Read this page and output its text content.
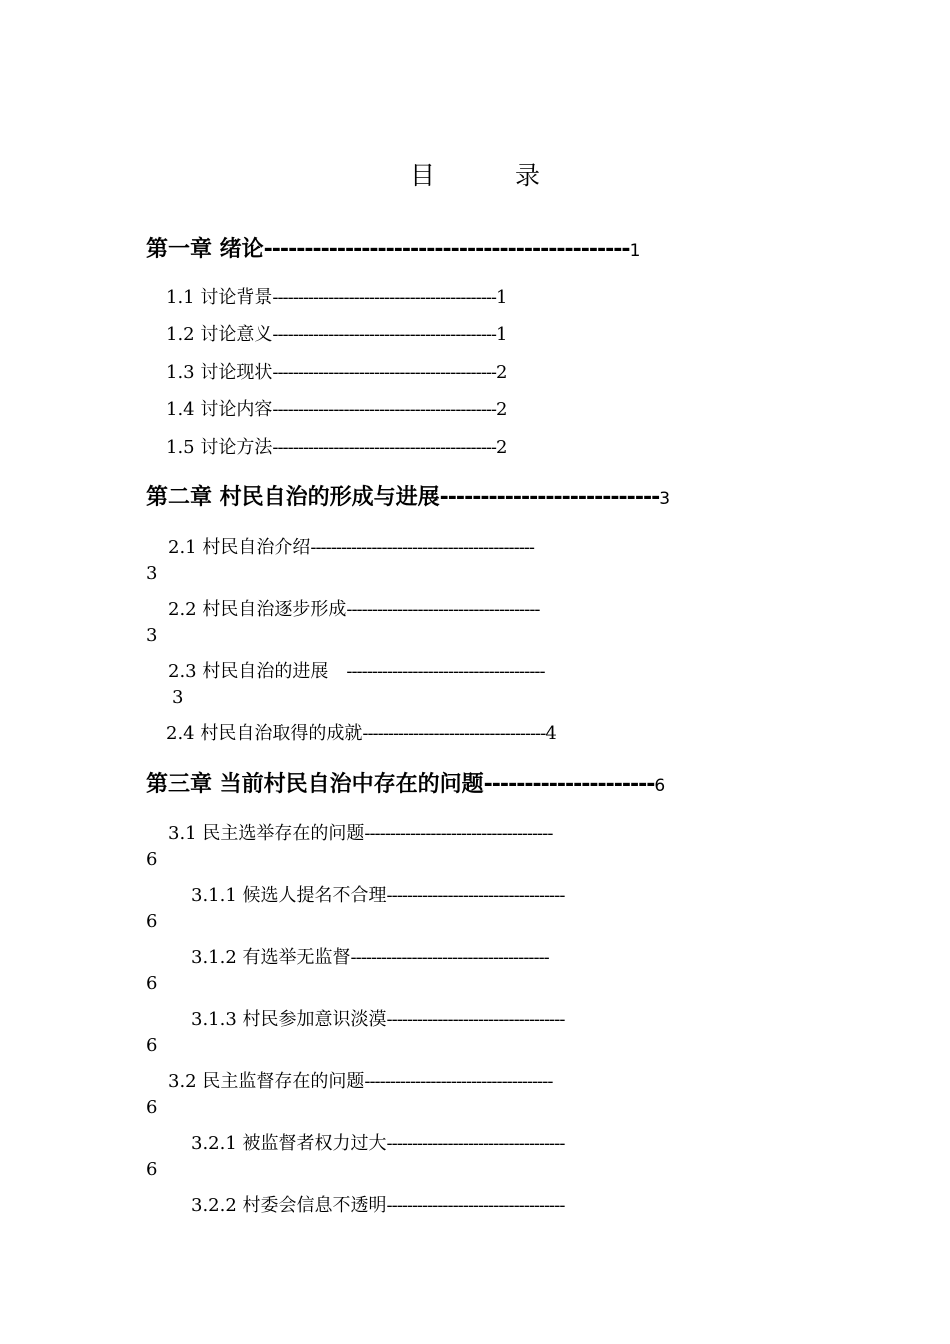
目 录
第一章 绪论---------------------------------------------1
1.1 讨论背景--------------------------------------------1
1.2 讨论意义--------------------------------------------1
1.3 讨论现状--------------------------------------------2
1.4 讨论内容--------------------------------------------2
1.5 讨论方法--------------------------------------------2
第二章 村民自治的形成与进展---------------------------3
2.1 村民自治介绍--------------------------------------------
3
2.2 村民自治逐步形成--------------------------------------
3
2.3 村民自治的进展 ---------------------------------------
3
2.4 村民自治取得的成就------------------------------------4
第三章 当前村民自治中存在的问题---------------------6
3.1 民主选举存在的问题-------------------------------------
6
3.1.1 候选人提名不合理-----------------------------------
6
3.1.2 有选举无监督---------------------------------------
6
3.1.3 村民参加意识淡漠-----------------------------------
6
3.2 民主监督存在的问题-------------------------------------
6
3.2.1 被监督者权力过大-----------------------------------
6
3.2.2 村委会信息不透明-----------------------------------
